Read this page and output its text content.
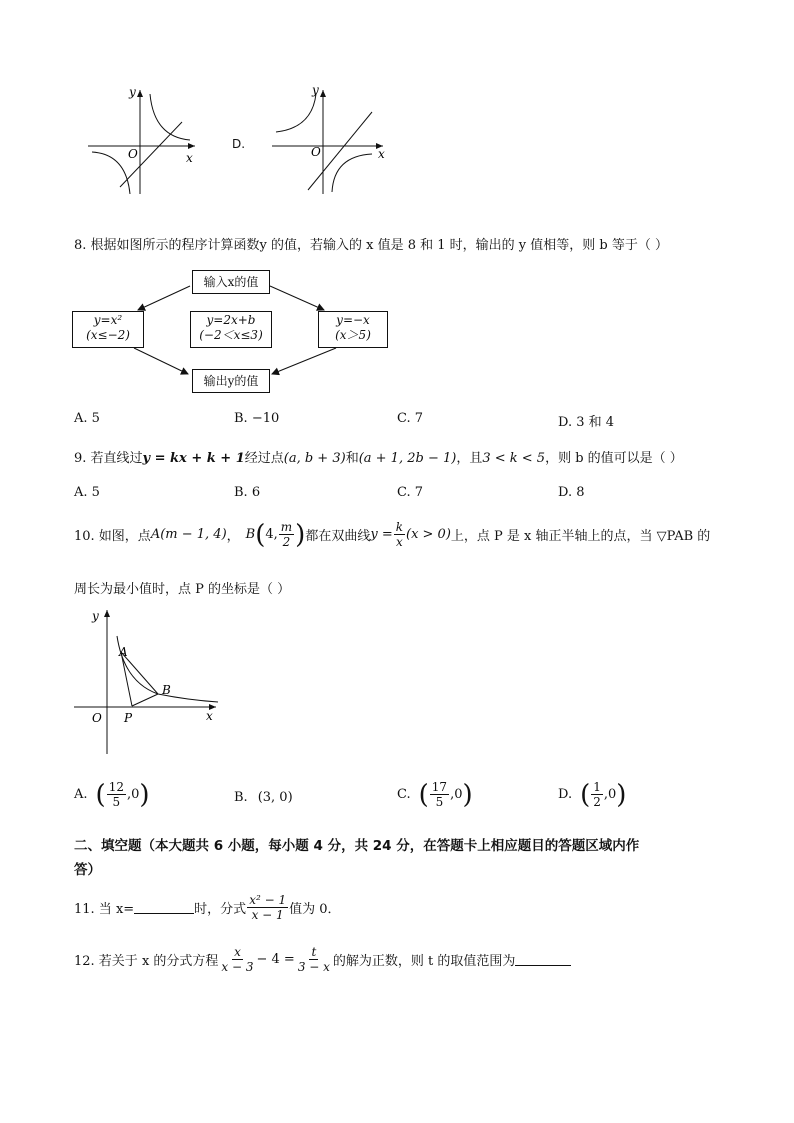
y
x
O
D.
y
x
O
8. 根据如图所示的程序计算函数y 的值，若输入的 x 值是 8 和 1 时，输出的 y 值相等，则 b 等于（ ）
输入x的值
y=x²
(x≤−2)
y=2x+b
(−2＜x≤3)
y=−x
(x＞5)
输出y的值
A. 5	B. −10	C. 7	D. 3 和 4
9. 若直线过y = kx + k + 1经过点(a, b + 3)和(a + 1, 2b − 1)，且3 < k < 5，则 b 的值可以是（ ）
A. 5	B. 6	C. 7	D. 8
10. 如图，点 A(m − 1, 4) ， B ( 4, $\frac{m}{2}$ ) 都在双曲线 $y = \frac{k}{x} (x > 0)$ 上，点 P 是 x 轴正半轴上的点，当 ▽PAB 的
周长为最小值时，点 P 的坐标是（ ）
y
x
O
A
B
P
A. ( $\frac{12}{5} ,0$ )	B. (3, 0)	C. ( $\frac{17}{5} ,0$ )	D. ( $\frac{1}{2} ,0$ )
二、填空题（本大题共 6 小题，每小题 4 分，共 24 分，在答题卡上相应题目的答题区域内作
答）
11. 当 x=	时，分式 $\frac{\text{x² − 1}}{x - 1}$ 值为 0．
12. 若关于 x 的分式方程 $\frac{x}{x - 3} - 4 = \frac{t}{3 - x}$ 的解为正数，则 t 的取值范围为
